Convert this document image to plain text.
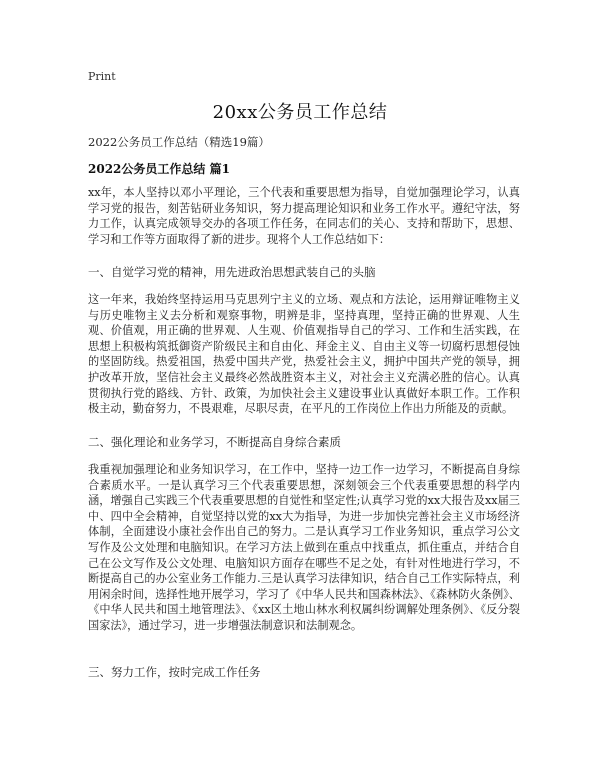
Print
20xx公务员工作总结
2022公务员工作总结（精选19篇）
2022公务员工作总结 篇1

xx年，本人坚持以邓小平理论，三个代表和重要思想为指导，自觉加强理论学习，认真学习党的报告，刻苦钻研业务知识，努力提高理论知识和业务工作水平。遵纪守法，努力工作，认真完成领导交办的各项工作任务，在同志们的关心、支持和帮助下，思想、学习和工作等方面取得了新的进步。现将个人工作总结如下：

一、自觉学习党的精神，用先进政治思想武装自己的头脑

这一年来，我始终坚持运用马克思列宁主义的立场、观点和方法论，运用辩证唯物主义与历史唯物主义去分析和观察事物，明辨是非，坚持真理，坚持正确的世界观、人生观、价值观，用正确的世界观、人生观、价值观指导自己的学习、工作和生活实践，在思想上积极构筑抵御资产阶级民主和自由化、拜金主义、自由主义等一切腐朽思想侵蚀的坚固防线。热爱祖国，热爱中国共产党，热爱社会主义，拥护中国共产党的领导，拥护改革开放，坚信社会主义最终必然战胜资本主义，对社会主义充满必胜的信心。认真贯彻执行党的路线、方针、政策，为加快社会主义建设事业认真做好本职工作。工作积极主动，勤奋努力，不畏艰难，尽职尽责，在平凡的工作岗位上作出力所能及的贡献。

二、强化理论和业务学习，不断提高自身综合素质

我重视加强理论和业务知识学习，在工作中，坚持一边工作一边学习，不断提高自身综合素质水平。一是认真学习三个代表重要思想，深刻领会三个代表重要思想的科学内涵，增强自己实践三个代表重要思想的自觉性和坚定性;认真学习党的xx大报告及xx届三中、四中全会精神，自觉坚持以党的xx大为指导，为进一步加快完善社会主义市场经济体制，全面建设小康社会作出自己的努力。二是认真学习工作业务知识，重点学习公文写作及公文处理和电脑知识。在学习方法上做到在重点中找重点，抓住重点，并结合自己在公文写作及公文处理、电脑知识方面存在哪些不足之处，有针对性地进行学习，不断提高自己的办公室业务工作能力.三是认真学习法律知识，结合自己工作实际特点，利用闲余时间，选择性地开展学习，学习了《中华人民共和国森林法》、《森林防火条例》、《中华人民共和国土地管理法》、《xx区土地山林水利权属纠纷调解处理条例》、《反分裂国家法》，通过学习，进一步增强法制意识和法制观念。

三、努力工作，按时完成工作任务
